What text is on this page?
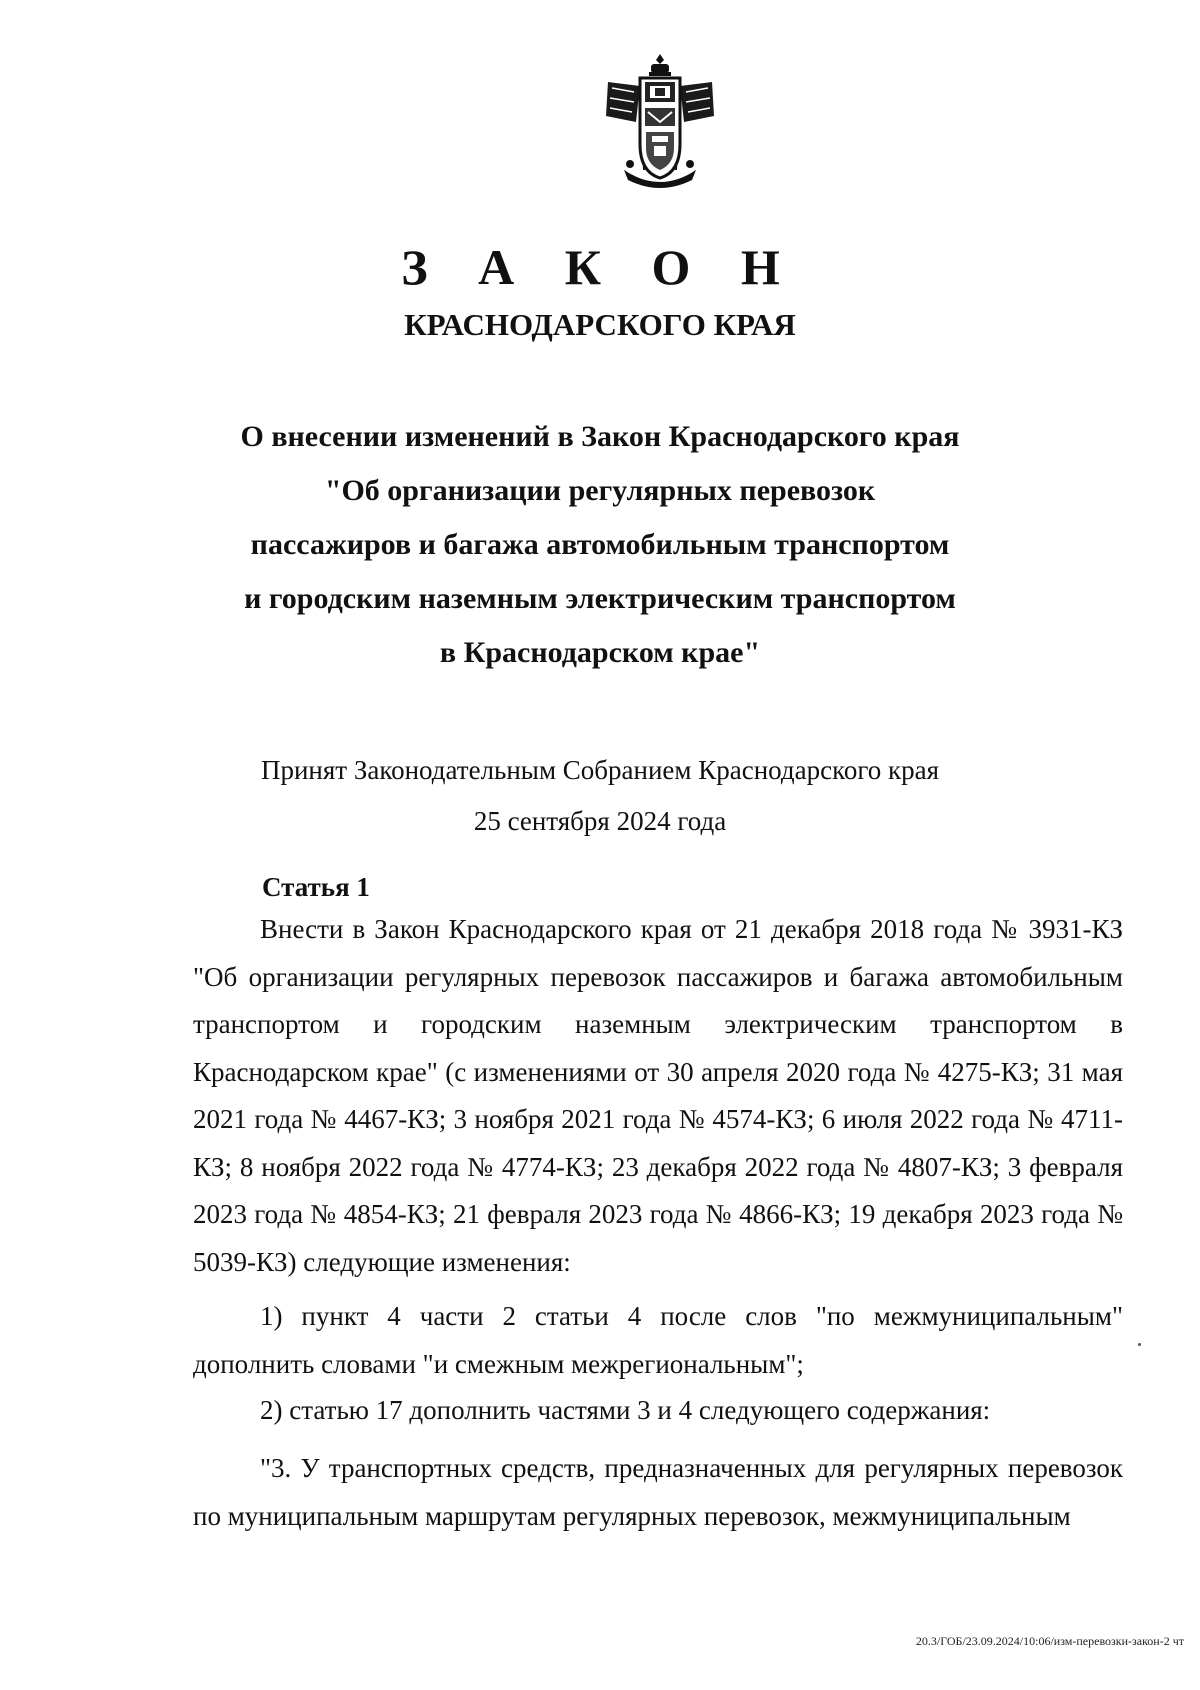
З А К О Н
КРАСНОДАРСКОГО КРАЯ
О внесении изменений в Закон Краснодарского края
"Об организации регулярных перевозок
пассажиров и багажа автомобильным транспортом
и городским наземным электрическим транспортом
в Краснодарском крае"
Принят Законодательным Собранием Краснодарского края
25 сентября 2024 года
Статья 1

Внести в Закон Краснодарского края от 21 декабря 2018 года № 3931-КЗ "Об организации регулярных перевозок пассажиров и багажа автомобильным транспортом и городским наземным электрическим транспортом в Краснодарском крае" (с изменениями от 30 апреля 2020 года № 4275-КЗ; 31 мая 2021 года № 4467-КЗ; 3 ноября 2021 года № 4574-КЗ; 6 июля 2022 года № 4711-КЗ; 8 ноября 2022 года № 4774-КЗ; 23 декабря 2022 года № 4807-КЗ; 3 февраля 2023 года № 4854-КЗ; 21 февраля 2023 года № 4866-КЗ; 19 декабря 2023 года № 5039-КЗ) следующие изменения:

1) пункт 4 части 2 статьи 4 после слов "по межмуниципальным" дополнить словами "и смежным межрегиональным";

2) статью 17 дополнить частями 3 и 4 следующего содержания:

"3. У транспортных средств, предназначенных для регулярных перевозок по муниципальным маршрутам регулярных перевозок, межмуниципальным

20.3/ГОБ/23.09.2024/10:06/изм-перевозки-закон-2 чт
